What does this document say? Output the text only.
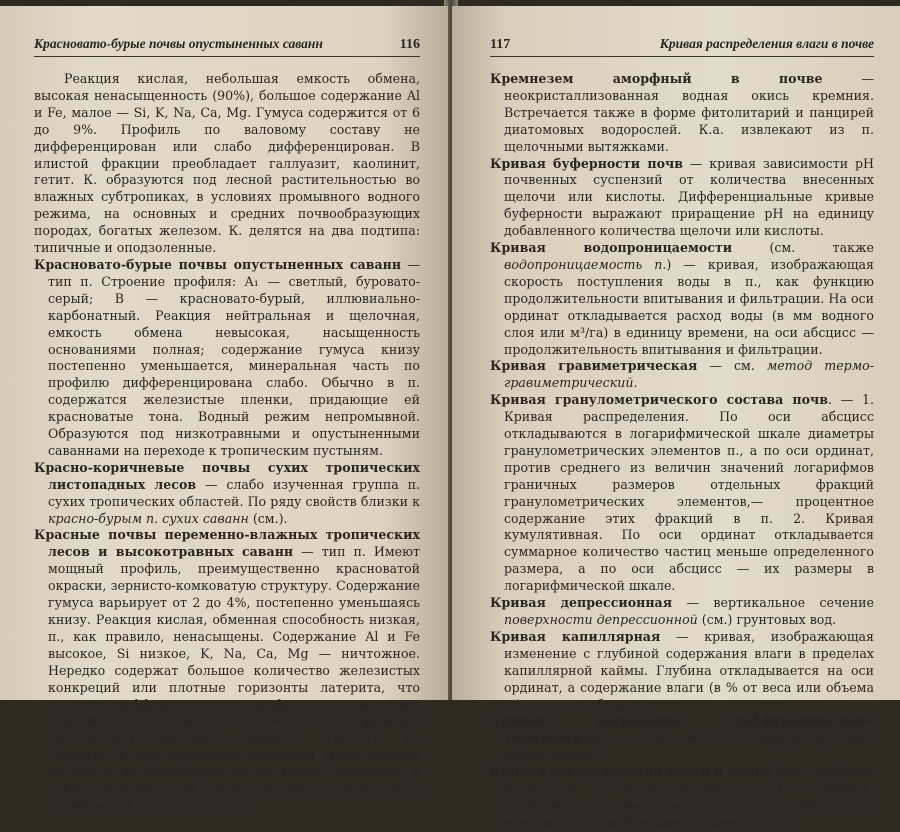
Красновато-бурые почвы опустыненных саванн	116

Реакция кислая, небольшая емкость обмена, высокая ненасыщенность (90%), большое содержание Al и Fe, малое — Si, K, Na, Ca, Mg. Гумуса содержится от 6 до 9%. Профиль по валовому составу не дифференцирован или слабо дифференцирован. В илистой фракции преобладает галлуазит, каолинит, гетит. К. образуются под лесной растительностью во влажных субтропиках, в условиях промывного водного режима, на основных и средних почвообразующих породах, богатых железом. К. делятся на два подтипа: типичные и оподзоленные.

Красновато-бурые почвы опустыненных саванн — тип п. Строение профиля: A₁ — светлый, буровато-серый; В — красновато-бурый, иллювиально-карбонатный. Реакция нейтральная и щелочная, емкость обмена невысокая, насыщенность основаниями полная; содержание гумуса книзу постепенно уменьшается, минеральная часть по профилю дифференцирована слабо. Обычно в п. содержатся железистые пленки, придающие ей красноватые тона. Водный режим непромывной. Образуются под низкотравными и опустыненными саваннами на переходе к тропическим пустыням.

Красно-коричневые почвы сухих тропических листопадных лесов — слабо изученная группа п. сухих тропических областей. По ряду свойств близки к красно-бурым п. сухих саванн (см.).

Красные почвы переменно-влажных тропических лесов и высокотравных саванн — тип п. Имеют мощный профиль, преимущественно красноватой окраски, зернисто-комковатую структуру. Содержание гумуса варьирует от 2 до 4%, постепенно уменьшаясь книзу. Реакция кислая, обменная способность низкая, п., как правило, ненасыщены. Содержание Al и Fe высокое, Si низкое, K, Na, Ca, Mg — ничтожное. Нередко содержат большое количество железистых конкреций или плотные горизонты латерита, что создает дифференциацию профиля по валовому содержанию железа. В составе илистой фракции господствует каолинит, имеется гиббсит. П. образуются под переменно-влажными тропическими лесами и возникающими на их месте саваннами, а также нередко при смене влажно-луговых лесов травянистой растительностью.

117	Кривая распределения влаги в почве

Кремнезем аморфный в почве — неокристаллизованная водная окись кремния. Встречается также в форме фитолитарий и панцирей диатомовых водорослей. К.а. извлекают из п. щелочными вытяжками.

Кривая буферности почв — кривая зависимости pH почвенных суспензий от количества внесенных щелочи или кислоты. Дифференциальные кривые буферности выражают приращение pH на единицу добавленного количества щелочи или кислоты.

Кривая водопроницаемости (см. также водопроницаемость п.) — кривая, изображающая скорость поступления воды в п., как функцию продолжительности впитывания и фильтрации. На оси ординат откладывается расход воды (в мм водного слоя или м³/га) в единицу времени, на оси абсцисс — продолжительность впитывания и фильтрации.

Кривая гравиметрическая — см. метод термо-гравиметрический.

Кривая гранулометрического состава почв. — 1. Кривая распределения. По оси абсцисс откладываются в логарифмической шкале диаметры гранулометрических элементов п., а по оси ординат, против среднего из величин значений логарифмов граничных размеров отдельных фракций гранулометрических элементов,— процентное содержание этих фракций в п. 2. Кривая кумулятивная. По оси ординат откладывается суммарное количество частиц меньше определенного размера, а по оси абсцисс — их размеры в логарифмической шкале.

Кривая депрессионная — вертикальное сечение поверхности депрессионной (см.) грунтовых вод.

Кривая капиллярная — кривая, изображающая изменение с глубиной содержания влаги в пределах капиллярной каймы. Глубина откладывается на оси ординат, а содержание влаги (в % от веса или объема п.) — на оси абсцисс.

Кривая нагревания дифференциально-термическая — см. метод дифференциально-термический.

Кривая распределения влаги в почве (син.: профиль влажности п.; эпюра влажности п.) — кривая, изображающая изменение влажности в профиле п., т. е. влажность как функцию глубины. По оси
